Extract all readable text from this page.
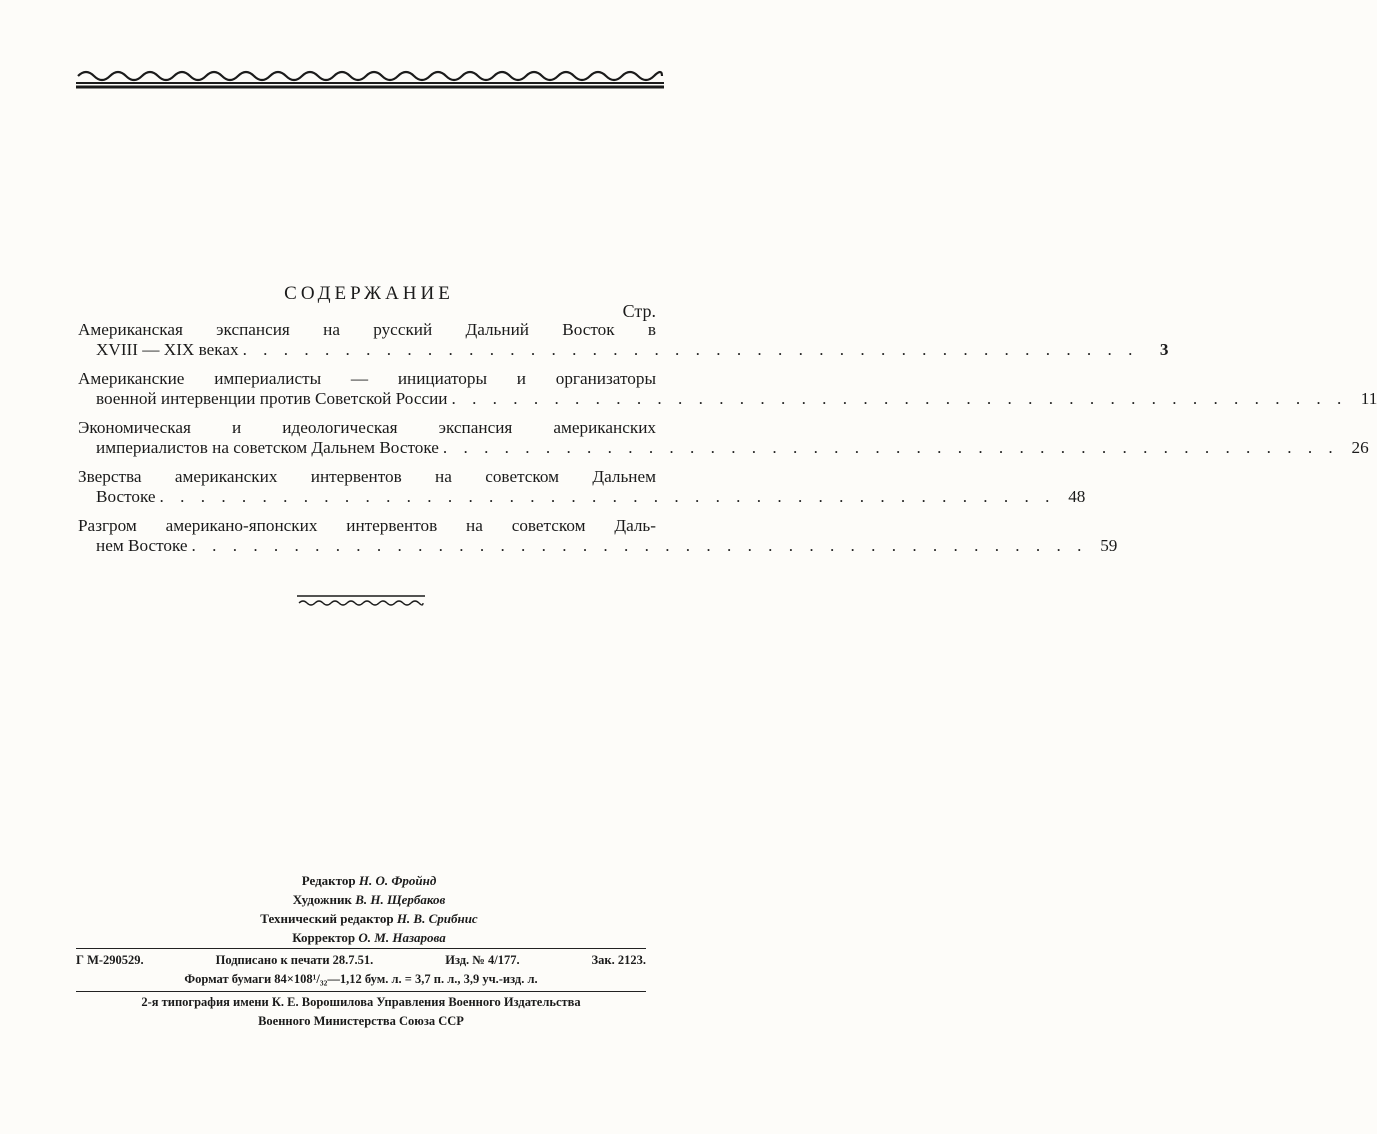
СОДЕРЖАНИЕ
Стр.
Американская экспансия на русский Дальний Восток в
XVIII — XIX веках . . . . . . . . . . . . . . . . . . . . . . . . . . . . . . . . . . . . . . . . . . . .	3
Американские империалисты — инициаторы и организаторы
военной интервенции против Советской России . . . . . . . . . . . . . . . . . . . . . . . . . . . . . . . . . . . . . . . . . . . . 11
Экономическая и идеологическая экспансия американских
империалистов на советском Дальнем Востоке . . . . . . . . . . . . . . . . . . . . . . . . . . . . . . . . . . . . . . . . . . . . 26
Зверства американских интервентов на советском Дальнем
Востоке . . . . . . . . . . . . . . . . . . . . . . . . . . . . . . . . . . . . . . . . . . . . 48
Разгром американо-японских интервентов на советском Даль-
нем Востоке . . . . . . . . . . . . . . . . . . . . . . . . . . . . . . . . . . . . . . . . . . . . 59
Редактор Н. О. Фройнд
Художник В. Н. Щербаков
Технический редактор Н. В. Срибнис
Корректор О. М. Назарова
Г М-290529.	Подписано к печати 28.7.51.	Изд. № 4/177.	Зак. 2123.
Формат бумаги 84×108¹/₃₂—1,12 бум. л. = 3,7 п. л., 3,9 уч.-изд. л.
2-я типография имени К. Е. Ворошилова Управления Военного Издательства
Военного Министерства Союза ССР
